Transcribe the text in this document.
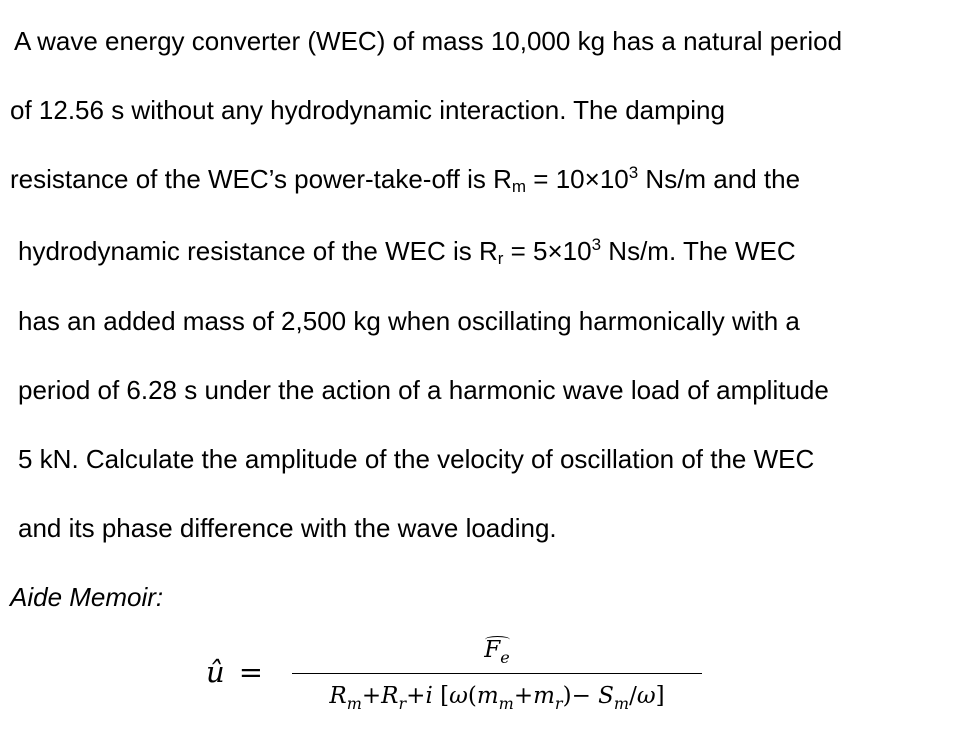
A wave energy converter (WEC) of mass 10,000 kg has a natural period
of 12.56 s without any hydrodynamic interaction. The damping
resistance of the WEC’s power-take-off is $R_m = 10\times 10^3$ Ns/m and the
hydrodynamic resistance of the WEC is $R_r = 5\times 10^3$ Ns/m. The WEC
has an added mass of 2,500 kg when oscillating harmonically with a
period of 6.28 s under the action of a harmonic wave load of amplitude
5 kN. Calculate the amplitude of the velocity of oscillation of the WEC
and its phase difference with the wave loading.
Aide Memoir:
û =
$F_e$
$R_m+R_r+i$ $[\omega(m_m+m_r)- S_m/\omega]$
